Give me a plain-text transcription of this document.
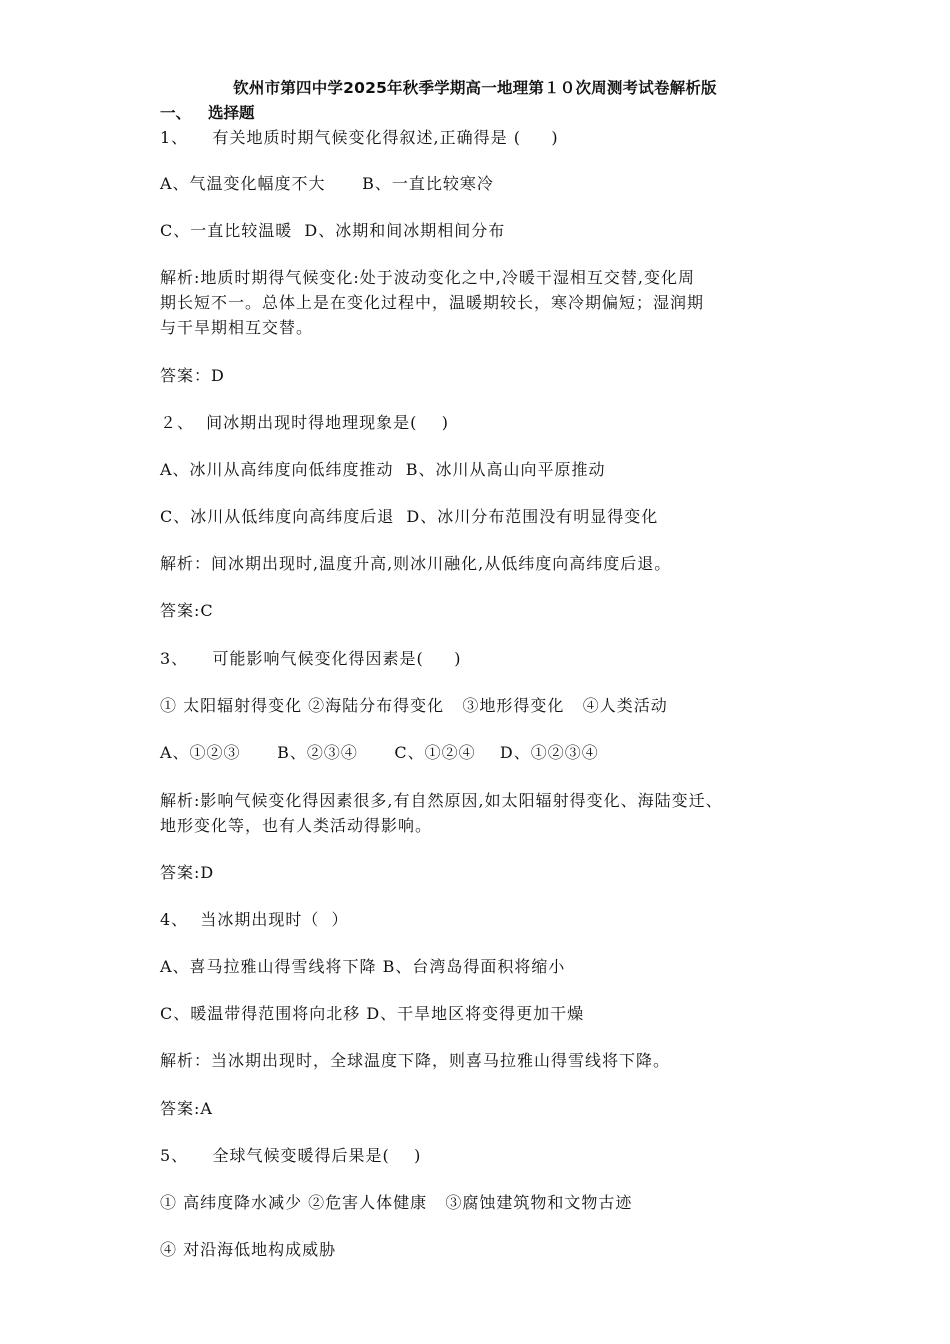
钦州市第四中学2025年秋季学期高一地理第１０次周测考试卷解析版
一、 选择题
1、    有关地质时期气候变化得叙述,正确得是 (     )
A、气温变化幅度不大      B、一直比较寒冷
C、一直比较温暖  D、冰期和间冰期相间分布
解析:地质时期得气候变化:处于波动变化之中,冷暖干湿相互交替,变化周
期长短不一。总体上是在变化过程中，温暖期较长，寒冷期偏短；湿润期
与干旱期相互交替。
答案：D
２、  间冰期出现时得地理现象是(    )
A、冰川从高纬度向低纬度推动  B、冰川从高山向平原推动
C、冰川从低纬度向高纬度后退  D、冰川分布范围没有明显得变化
解析：间冰期出现时,温度升高,则冰川融化,从低纬度向高纬度后退。
答案:C
3、    可能影响气候变化得因素是(     )
① 太阳辐射得变化 ②海陆分布得变化   ③地形得变化   ④人类活动
A、①②③      B、②③④      C、①②④    D、①②③④
解析:影响气候变化得因素很多,有自然原因,如太阳辐射得变化、海陆变迁、
地形变化等，也有人类活动得影响。
答案:D
4、  当冰期出现时（  ）
A、喜马拉雅山得雪线将下降 B、台湾岛得面积将缩小
C、暖温带得范围将向北移 D、干旱地区将变得更加干燥
解析：当冰期出现时，全球温度下降，则喜马拉雅山得雪线将下降。
答案:A
5、    全球气候变暖得后果是(    )
① 高纬度降水减少 ②危害人体健康   ③腐蚀建筑物和文物古迹
④ 对沿海低地构成威胁
